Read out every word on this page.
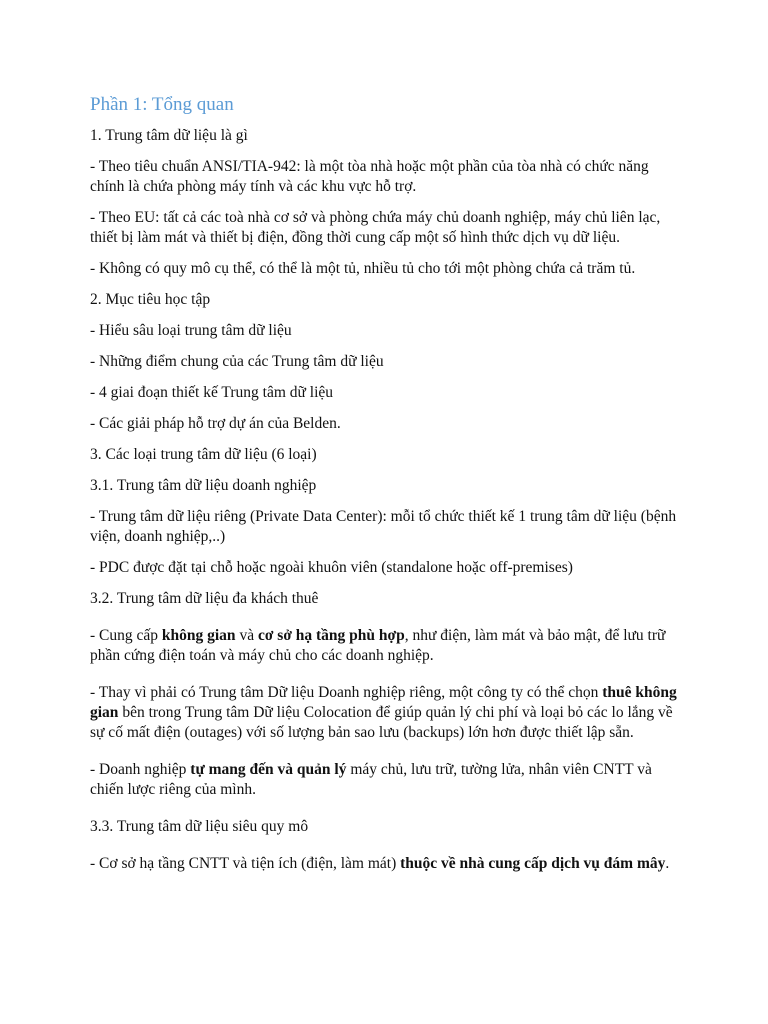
Phần 1: Tổng quan

1. Trung tâm dữ liệu là gì

- Theo tiêu chuẩn ANSI/TIA-942: là một tòa nhà hoặc một phần của tòa nhà có chức năng chính là chứa phòng máy tính và các khu vực hỗ trợ.

- Theo EU: tất cả các toà nhà cơ sở và phòng chứa máy chủ doanh nghiệp, máy chủ liên lạc, thiết bị làm mát và thiết bị điện, đồng thời cung cấp một số hình thức dịch vụ dữ liệu.

- Không có quy mô cụ thể, có thể là một tủ, nhiều tủ cho tới một phòng chứa cả trăm tủ.

2. Mục tiêu học tập

- Hiểu sâu loại trung tâm dữ liệu

- Những điểm chung của các Trung tâm dữ liệu

- 4 giai đoạn thiết kế Trung tâm dữ liệu

- Các giải pháp hỗ trợ dự án của Belden.

3. Các loại trung tâm dữ liệu (6 loại)

3.1. Trung tâm dữ liệu doanh nghiệp

- Trung tâm dữ liệu riêng (Private Data Center): mỗi tổ chức thiết kế 1 trung tâm dữ liệu (bệnh viện, doanh nghiệp,..)

- PDC được đặt tại chỗ hoặc ngoài khuôn viên (standalone hoặc off-premises)

3.2. Trung tâm dữ liệu đa khách thuê

- Cung cấp không gian và cơ sở hạ tầng phù hợp, như điện, làm mát và bảo mật, để lưu trữ phần cứng điện toán và máy chủ cho các doanh nghiệp.

- Thay vì phải có Trung tâm Dữ liệu Doanh nghiệp riêng, một công ty có thể chọn thuê không gian bên trong Trung tâm Dữ liệu Colocation để giúp quản lý chi phí và loại bỏ các lo lắng về sự cố mất điện (outages) với số lượng bản sao lưu (backups) lớn hơn được thiết lập sẵn.

- Doanh nghiệp tự mang đến và quản lý máy chủ, lưu trữ, tường lửa, nhân viên CNTT và chiến lược riêng của mình.

3.3. Trung tâm dữ liệu siêu quy mô

- Cơ sở hạ tầng CNTT và tiện ích (điện, làm mát) thuộc về nhà cung cấp dịch vụ đám mây.
